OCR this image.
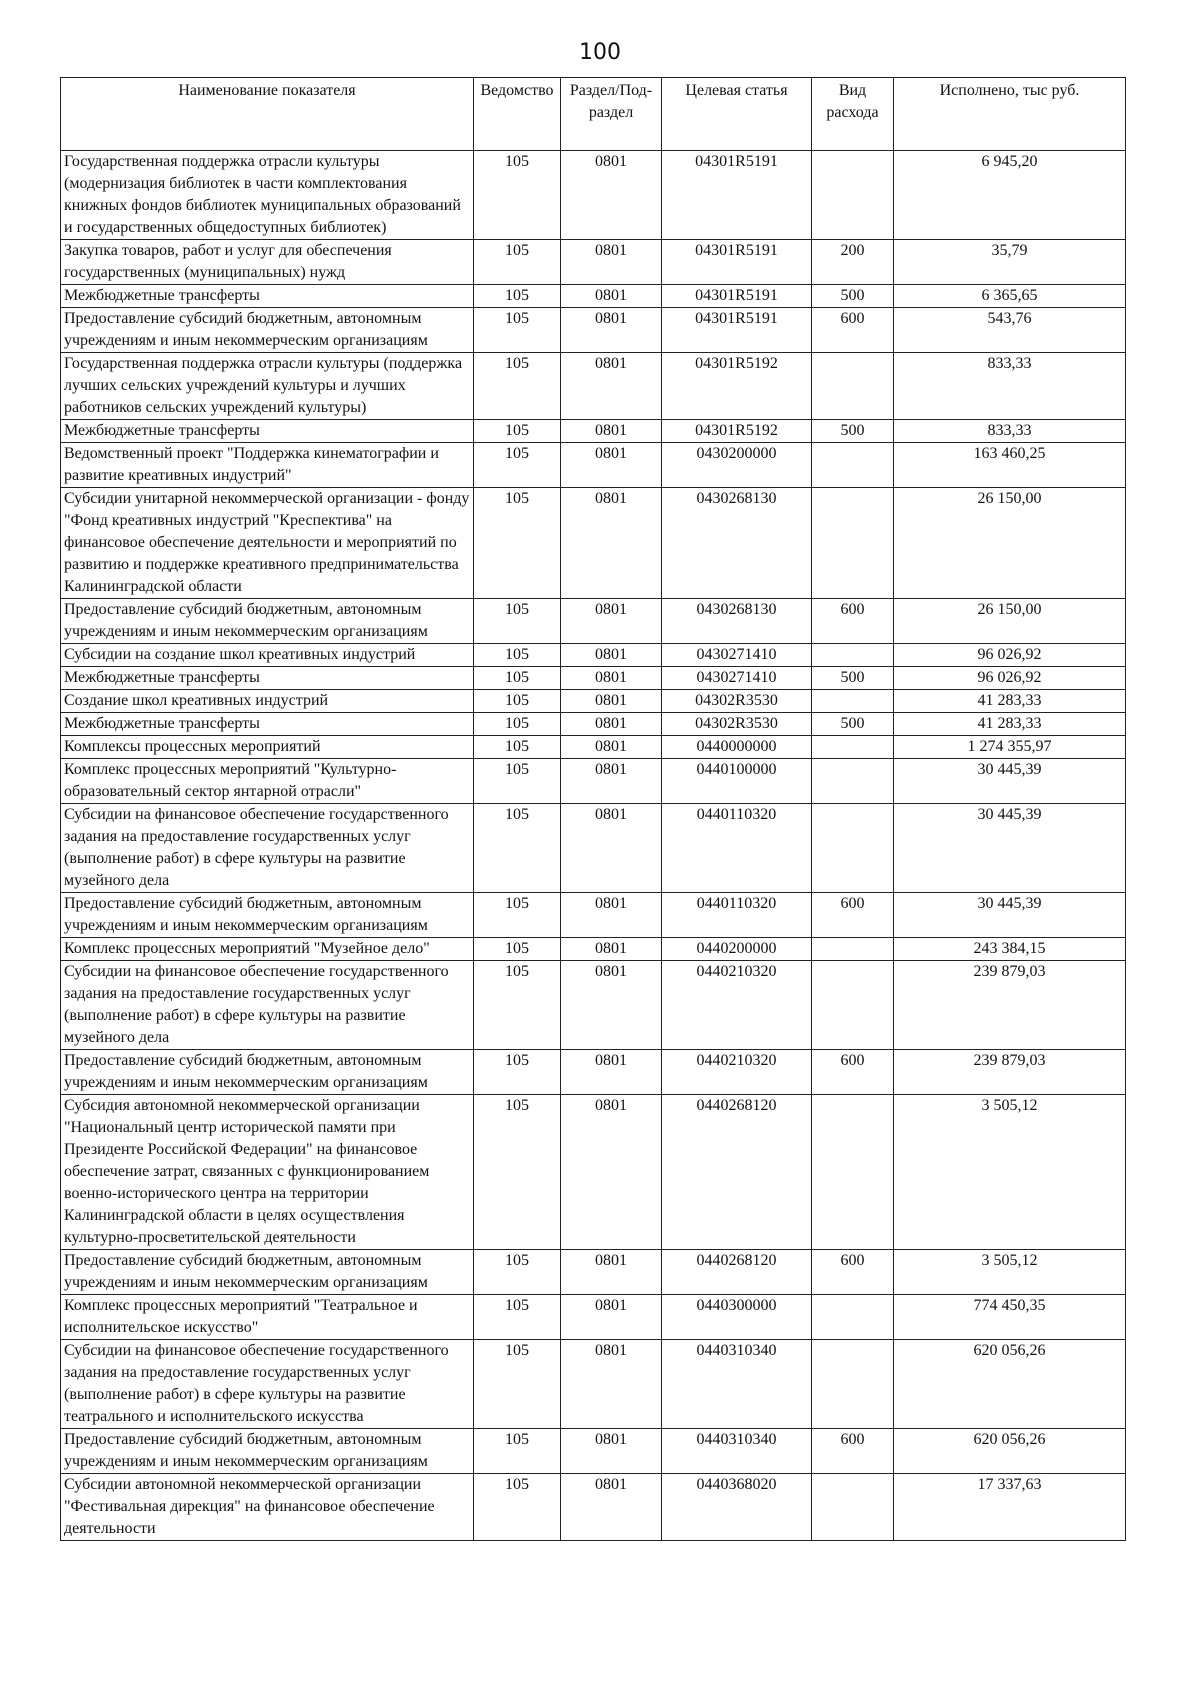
100
Наименование показателя	Ведомство	Раздел/Под-раздел	Целевая статья	Вид расхода	Исполнено, тыс руб.
Государственная поддержка отрасли культуры (модернизация библиотек в части комплектования книжных фондов библиотек муниципальных образований и государственных общедоступных библиотек)	105	0801	04301R5191		6 945,20
Закупка товаров, работ и услуг для обеспечения государственных (муниципальных) нужд	105	0801	04301R5191	200	35,79
Межбюджетные трансферты	105	0801	04301R5191	500	6 365,65
Предоставление субсидий бюджетным, автономным учреждениям и иным некоммерческим организациям	105	0801	04301R5191	600	543,76
Государственная поддержка отрасли культуры (поддержка лучших сельских учреждений культуры и лучших работников сельских учреждений культуры)	105	0801	04301R5192		833,33
Межбюджетные трансферты	105	0801	04301R5192	500	833,33
Ведомственный проект "Поддержка кинематографии и развитие креативных индустрий"	105	0801	0430200000		163 460,25
Субсидии унитарной некоммерческой организации - фонду "Фонд креативных индустрий "Креспектива" на финансовое обеспечение деятельности и мероприятий по развитию и поддержке креативного предпринимательства Калининградской области	105	0801	0430268130		26 150,00
Предоставление субсидий бюджетным, автономным учреждениям и иным некоммерческим организациям	105	0801	0430268130	600	26 150,00
Субсидии на создание школ креативных индустрий	105	0801	0430271410		96 026,92
Межбюджетные трансферты	105	0801	0430271410	500	96 026,92
Создание школ креативных индустрий	105	0801	04302R3530		41 283,33
Межбюджетные трансферты	105	0801	04302R3530	500	41 283,33
Комплексы процессных мероприятий	105	0801	0440000000		1 274 355,97
Комплекс процессных мероприятий "Культурно-образовательный сектор янтарной отрасли"	105	0801	0440100000		30 445,39
Субсидии на финансовое обеспечение государственного задания на предоставление государственных услуг (выполнение работ) в сфере культуры на развитие музейного дела	105	0801	0440110320		30 445,39
Предоставление субсидий бюджетным, автономным учреждениям и иным некоммерческим организациям	105	0801	0440110320	600	30 445,39
Комплекс процессных мероприятий "Музейное дело"	105	0801	0440200000		243 384,15
Субсидии на финансовое обеспечение государственного задания на предоставление государственных услуг (выполнение работ) в сфере культуры на развитие музейного дела	105	0801	0440210320		239 879,03
Предоставление субсидий бюджетным, автономным учреждениям и иным некоммерческим организациям	105	0801	0440210320	600	239 879,03
Субсидия автономной некоммерческой организации "Национальный центр исторической памяти при Президенте Российской Федерации" на финансовое обеспечение затрат, связанных с функционированием военно-исторического центра на территории Калининградской области в целях осуществления культурно-просветительской деятельности	105	0801	0440268120		3 505,12
Предоставление субсидий бюджетным, автономным учреждениям и иным некоммерческим организациям	105	0801	0440268120	600	3 505,12
Комплекс процессных мероприятий "Театральное и исполнительское искусство"	105	0801	0440300000		774 450,35
Субсидии на финансовое обеспечение государственного задания на предоставление государственных услуг (выполнение работ) в сфере культуры на развитие театрального и исполнительского искусства	105	0801	0440310340		620 056,26
Предоставление субсидий бюджетным, автономным учреждениям и иным некоммерческим организациям	105	0801	0440310340	600	620 056,26
Субсидии автономной некоммерческой организации "Фестивальная дирекция" на финансовое обеспечение деятельности	105	0801	0440368020		17 337,63
